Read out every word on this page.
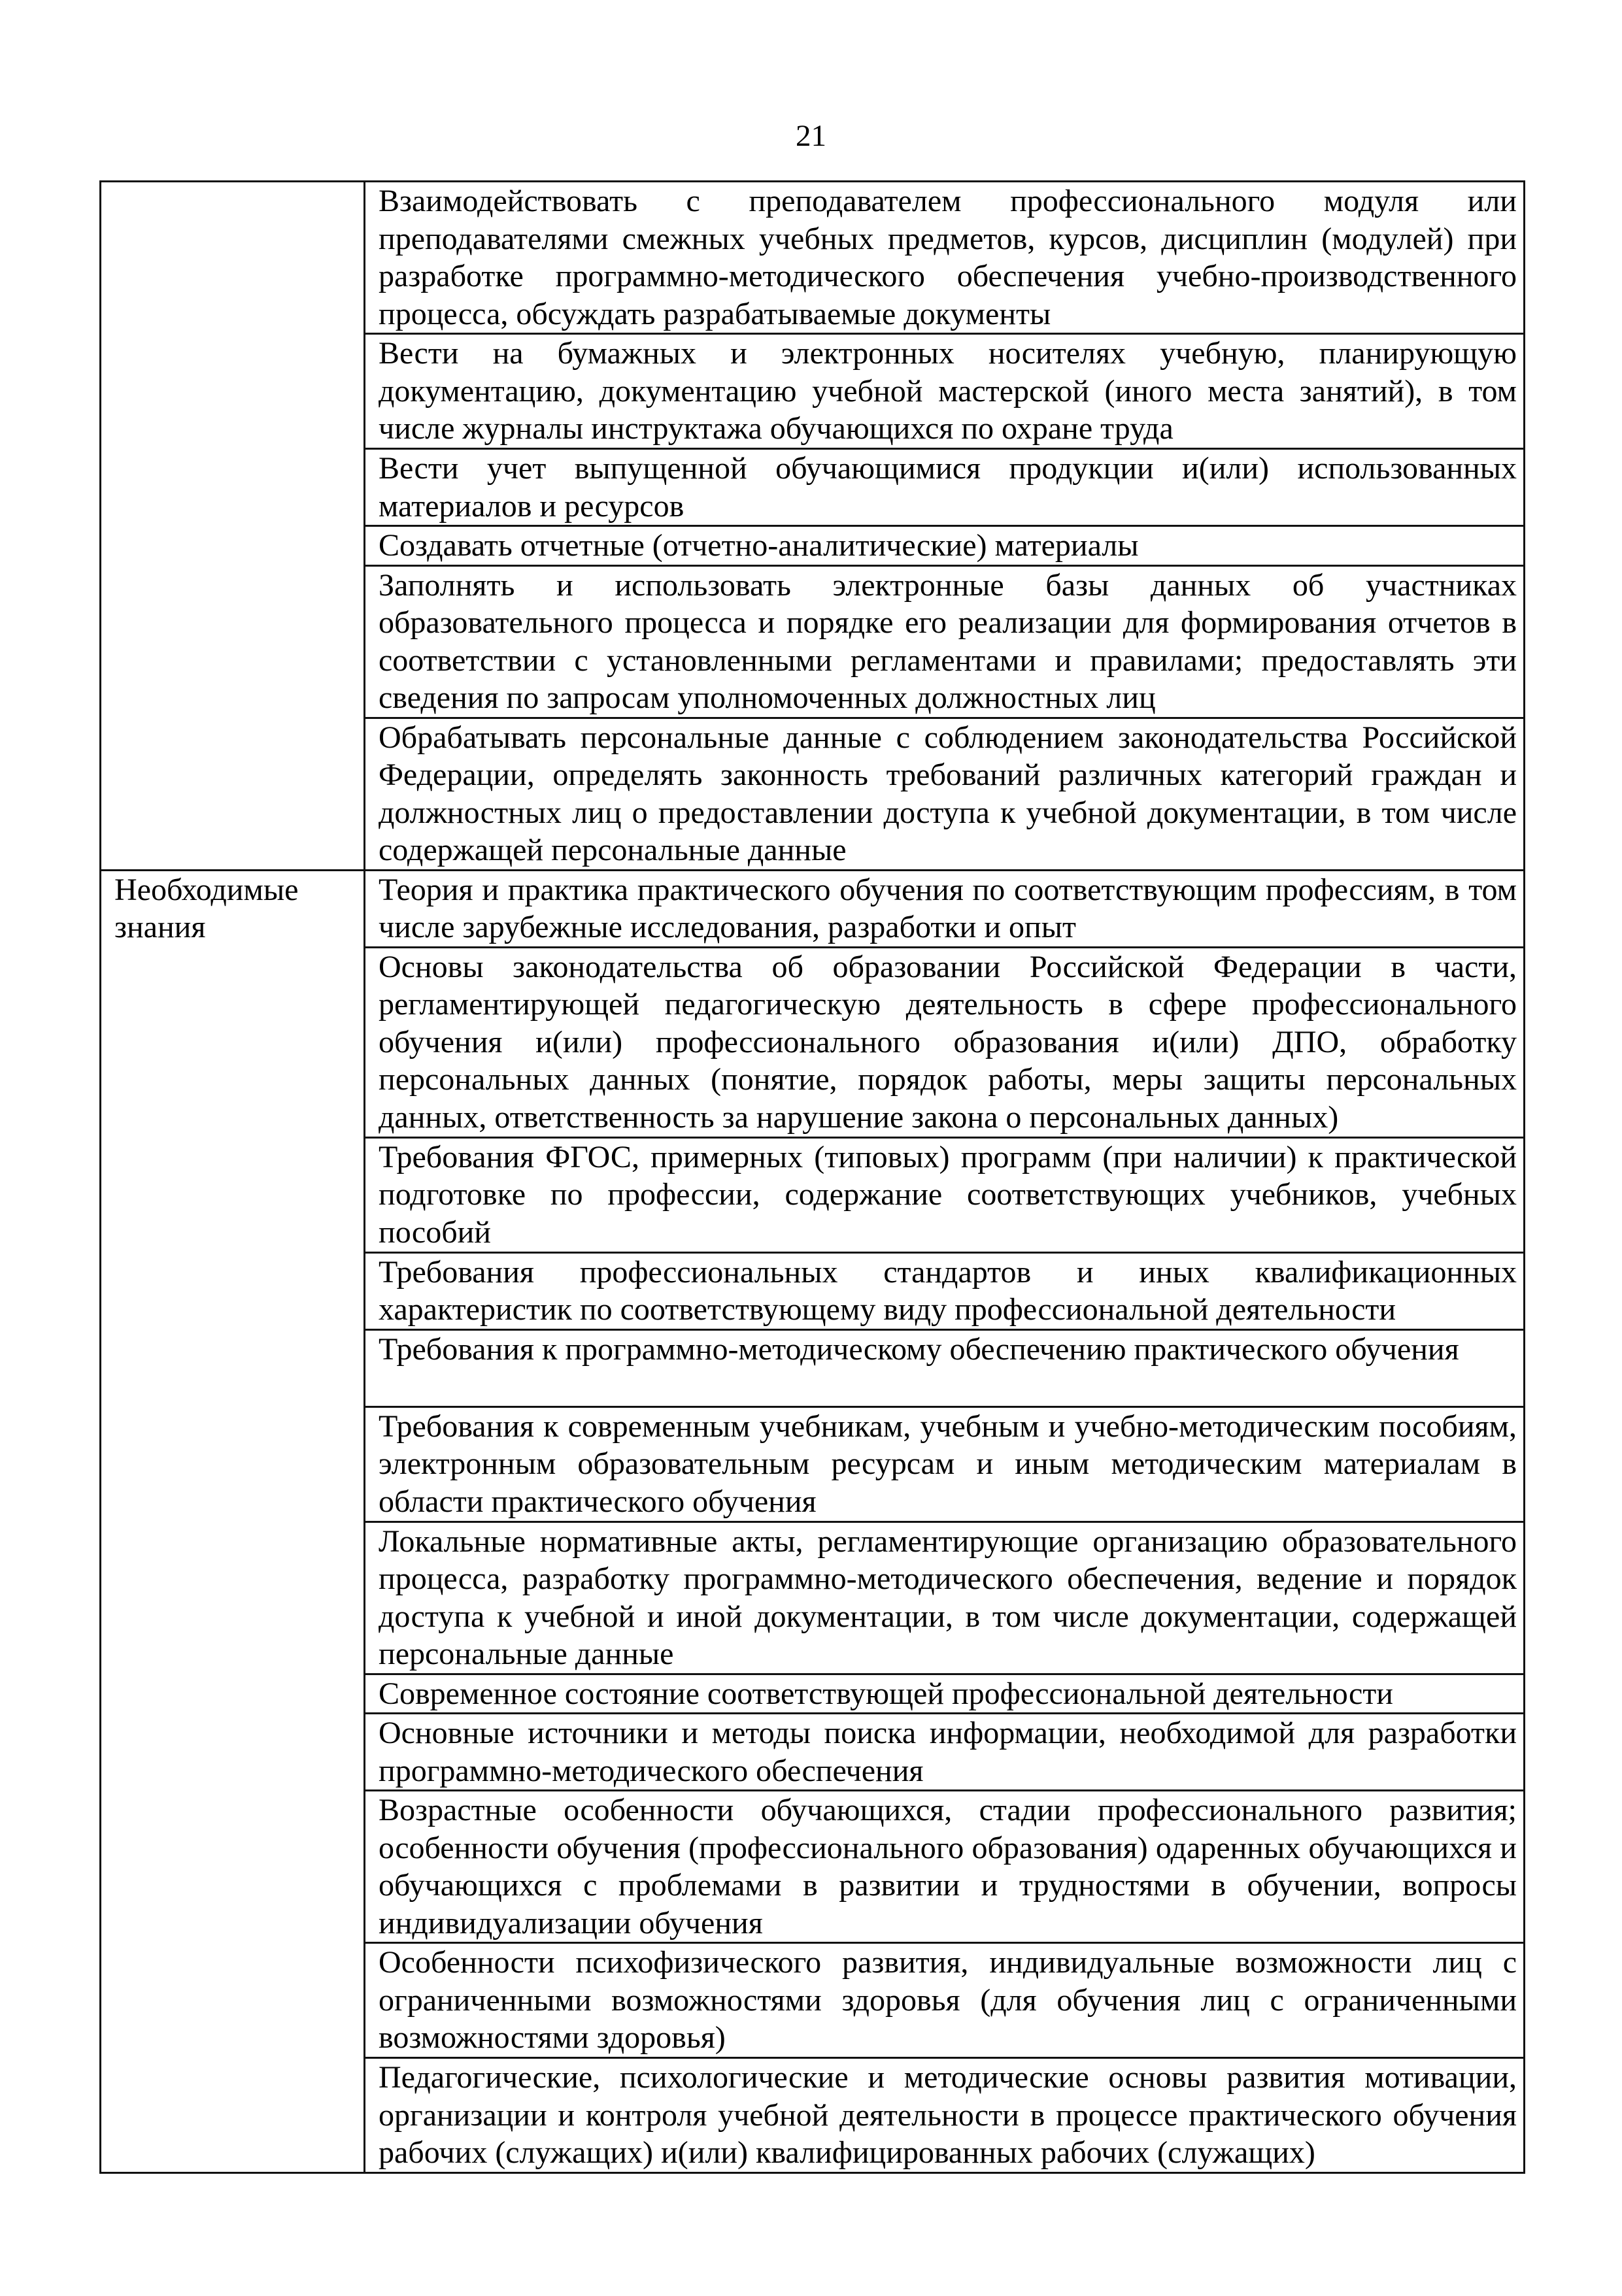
21
	Взаимодействовать с преподавателем профессионального модуля или преподавателями смежных учебных предметов, курсов, дисциплин (модулей) при разработке программно-методического обеспечения учебно-производственного процесса, обсуждать разрабатываемые документы
	Вести на бумажных и электронных носителях учебную, планирующую документацию, документацию учебной мастерской (иного места занятий), в том числе журналы инструктажа обучающихся по охране труда
	Вести учет выпущенной обучающимися продукции и(или) использованных материалов и ресурсов
	Создавать отчетные (отчетно-аналитические) материалы
	Заполнять и использовать электронные базы данных об участниках образовательного процесса и порядке его реализации для формирования отчетов в соответствии с установленными регламентами и правилами; предоставлять эти сведения по запросам уполномоченных должностных лиц
	Обрабатывать персональные данные с соблюдением законодательства Российской Федерации, определять законность требований различных категорий граждан и должностных лиц о предоставлении доступа к учебной документации, в том числе содержащей персональные данные
Необходимые знания	Теория и практика практического обучения по соответствующим профессиям, в том числе зарубежные исследования, разработки и опыт
	Основы законодательства об образовании Российской Федерации в части, регламентирующей педагогическую деятельность в сфере профессионального обучения и(или) профессионального образования и(или) ДПО, обработку персональных данных (понятие, порядок работы, меры защиты персональных данных, ответственность за нарушение закона о персональных данных)
	Требования ФГОС, примерных (типовых) программ (при наличии) к практической подготовке по профессии, содержание соответствующих учебников, учебных пособий
	Требования профессиональных стандартов и иных квалификационных характеристик по соответствующему виду профессиональной деятельности
	Требования к программно-методическому обеспечению практического обучения
	Требования к современным учебникам, учебным и учебно-методическим пособиям, электронным образовательным ресурсам и иным методическим материалам в области практического обучения
	Локальные нормативные акты, регламентирующие организацию образовательного процесса, разработку программно-методического обеспечения, ведение и порядок доступа к учебной и иной документации, в том числе документации, содержащей персональные данные
	Современное состояние соответствующей профессиональной деятельности
	Основные источники и методы поиска информации, необходимой для разработки программно-методического обеспечения
	Возрастные особенности обучающихся, стадии профессионального развития; особенности обучения (профессионального образования) одаренных обучающихся и обучающихся с проблемами в развитии и трудностями в обучении, вопросы индивидуализации обучения
	Особенности психофизического развития, индивидуальные возможности лиц с ограниченными возможностями здоровья (для обучения лиц с ограниченными возможностями здоровья)
	Педагогические, психологические и методические основы развития мотивации, организации и контроля учебной деятельности в процессе практического обучения рабочих (служащих) и(или) квалифицированных рабочих (служащих)
